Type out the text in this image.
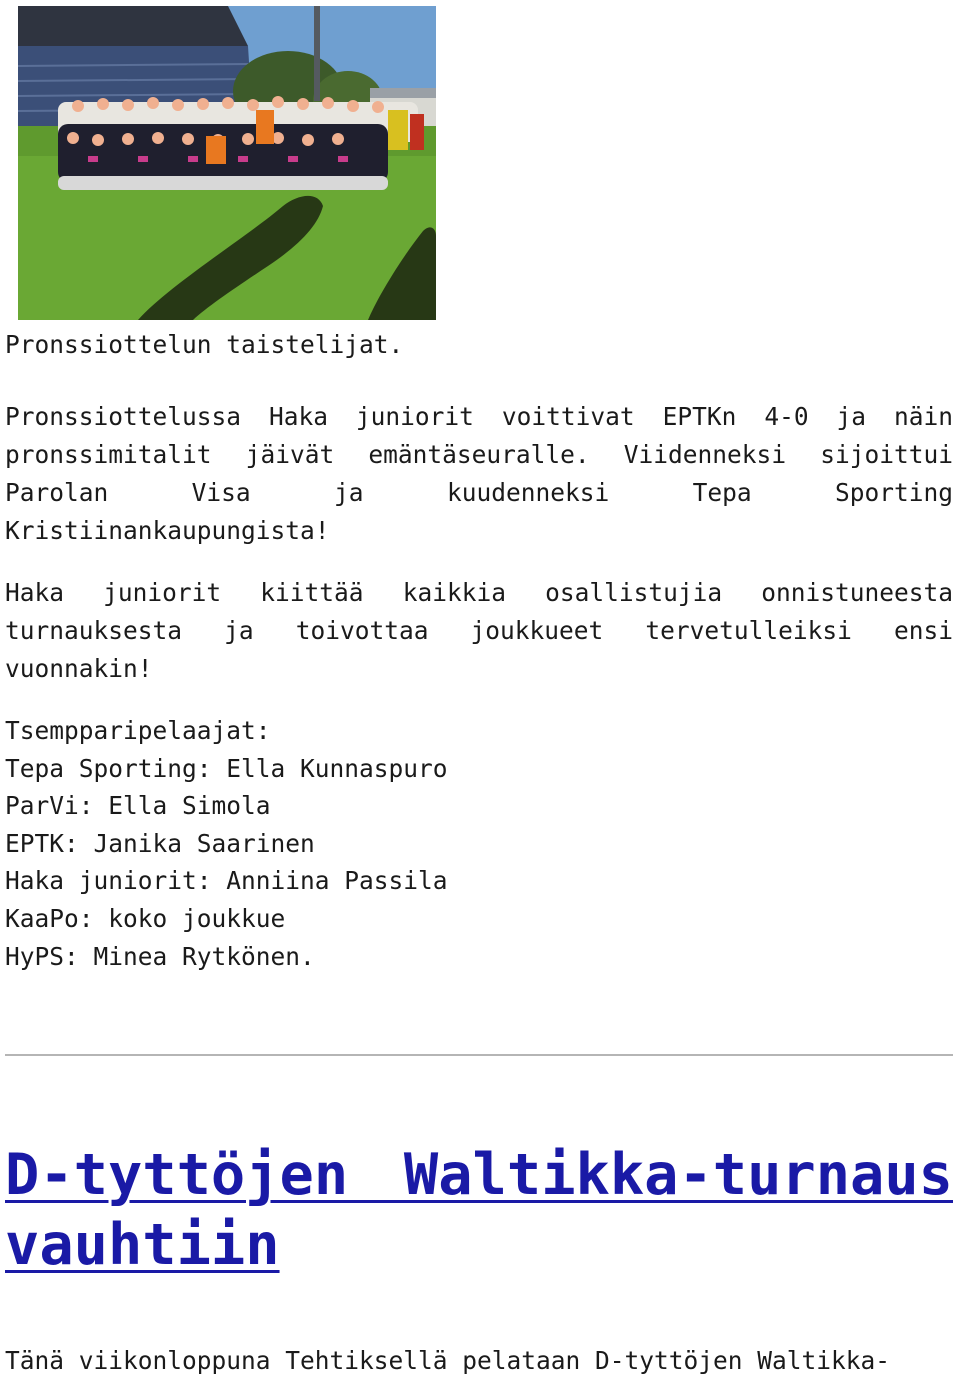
Pronssiottelun taistelijat.
Pronssiottelussa Haka juniorit voittivat EPTKn 4-0 ja näin
pronssimitalit jäivät emäntäseuralle. Viidenneksi sijoittui
Parolan Visa ja kuudenneksi Tepa Sporting
Kristiinankaupungista!
Haka juniorit kiittää kaikkia osallistujia onnistuneesta
turnauksesta ja toivottaa joukkueet tervetulleiksi ensi
vuonnakin!
Tsempparipelaajat:
Tepa Sporting: Ella Kunnaspuro
ParVi: Ella Simola
EPTK: Janika Saarinen
Haka juniorit: Anniina Passila
KaaPo: koko joukkue
HyPS: Minea Rytkönen.
D-tyttöjen Waltikka-turnaus
vauhtiin
Tänä viikonloppuna Tehtiksellä pelataan D-tyttöjen Waltikka-
